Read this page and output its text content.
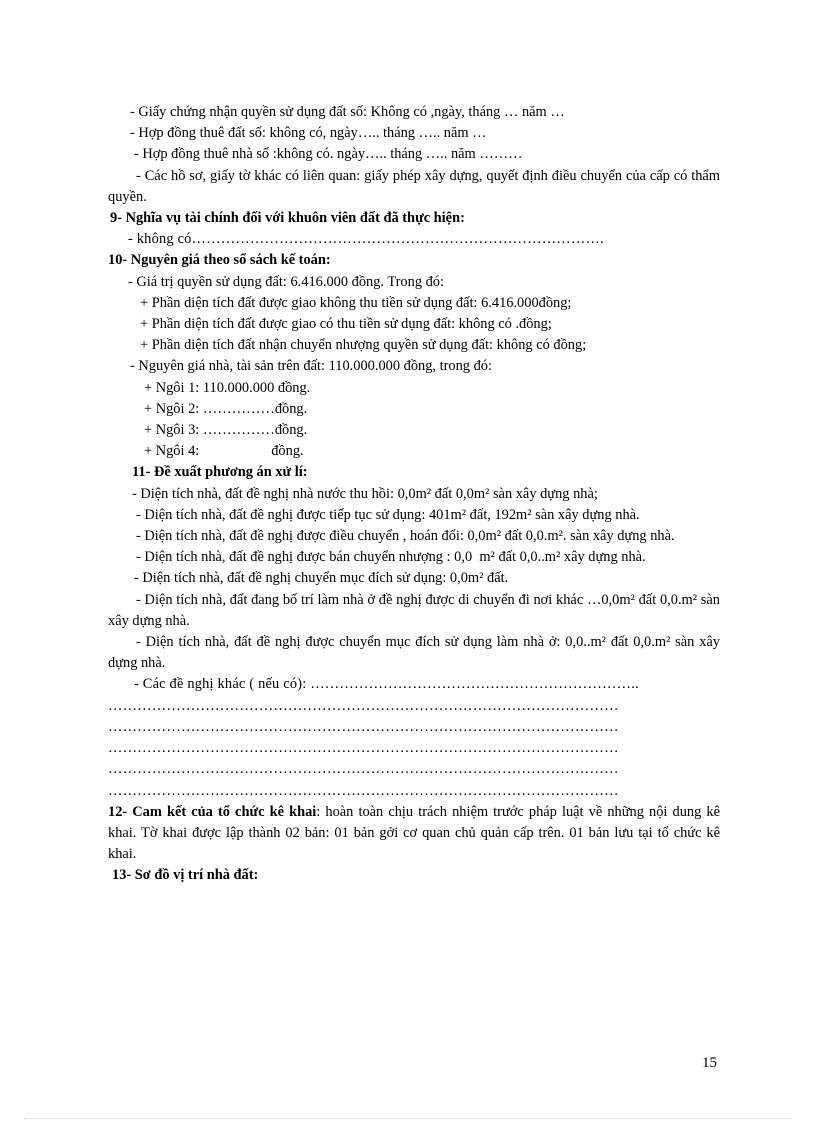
- Giấy chứng nhận quyền sử dụng đất số: Không có ,ngày, tháng … năm …
- Hợp đồng thuê đất số: không có, ngày….. tháng ….. năm …
- Hợp đồng thuê nhà số :không có. ngày….. tháng ….. năm ………
- Các hồ sơ, giấy tờ khác có liên quan: giấy phép xây dựng, quyết định điều chuyển của cấp có thẩm quyền.
9- Nghĩa vụ tài chính đối với khuôn viên đất đã thực hiện:
- không có………………………………………………………………………….
10- Nguyên giá theo sổ sách kế toán:
- Giá trị quyền sử dụng đất: 6.416.000 đồng. Trong đó:
+ Phần diện tích đất được giao không thu tiền sử dụng đất: 6.416.000đồng;
+ Phần diện tích đất được giao có thu tiền sử dụng đất: không có .đồng;
+ Phần diện tích đất nhận chuyển nhượng quyền sử dụng đất: không có đồng;
- Nguyên giá nhà, tài sản trên đất: 110.000.000 đồng, trong đó:
+ Ngôi 1: 110.000.000 đồng.
+ Ngôi 2: ……………đồng.
+ Ngôi 3: ……………đồng.
+ Ngôi 4:                    đồng.
11- Đề xuất phương án xử lí:
- Diện tích nhà, đất đề nghị nhà nước thu hồi: 0,0m² đất 0,0m² sàn xây dựng nhà;
- Diện tích nhà, đất đề nghị được tiếp tục sử dụng: 401m² đất, 192m² sàn xây dựng nhà.
- Diện tích nhà, đất đề nghị được điều chuyển , hoán đổi: 0,0m² đất 0,0.m². sàn xây dựng nhà.
- Diện tích nhà, đất đề nghị được bán chuyển nhượng : 0,0  m² đất 0,0..m² xây dựng nhà.
- Diện tích nhà, đất đề nghị chuyển mục đích sử dụng: 0,0m² đất.
- Diện tích nhà, đất đang bố trí làm nhà ở đề nghị được di chuyển đi nơi khác …0,0m² đất 0,0.m² sàn xây dựng nhà.
- Diện tích nhà, đất đề nghị được chuyển mục đích sử dụng làm nhà ở: 0,0..m² đất 0,0.m² sàn xây dựng nhà.
- Các đề nghị khác ( nếu có): …………………………………………………………..
……………………………………………………………………………………………
……………………………………………………………………………………………
……………………………………………………………………………………………
……………………………………………………………………………………………
……………………………………………………………………………………………
12- Cam kết của tổ chức kê khai: hoàn toàn chịu trách nhiệm trước pháp luật về những nội dung kê khai. Tờ khai được lập thành 02 bản: 01 bản gởi cơ quan chủ quản cấp trên. 01 bản lưu tại tổ chức kê khai.
13- Sơ đồ vị trí nhà đất:
15
